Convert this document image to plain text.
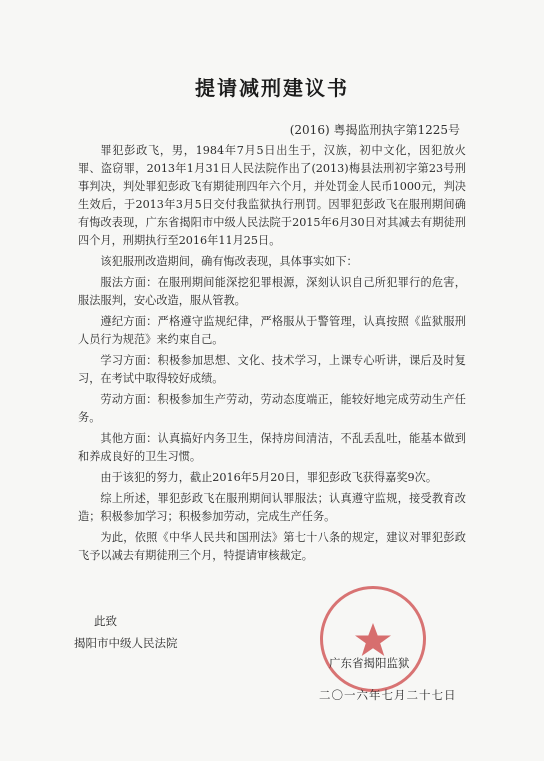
提请减刑建议书
(2016) 粤揭监刑执字第1225号

罪犯彭政飞，男，1984年7月5日出生于，汉族，初中文化，因犯放火罪、盗窃罪，2013年1月31日人民法院作出了(2013)梅县法刑初字第23号刑事判决，判处罪犯彭政飞有期徒刑四年六个月，并处罚金人民币1000元，判决生效后，于2013年3月5日交付我监狱执行刑罚。因罪犯彭政飞在服刑期间确有悔改表现，广东省揭阳市中级人民法院于2015年6月30日对其减去有期徒刑四个月，刑期执行至2016年11月25日。

该犯服刑改造期间，确有悔改表现，具体事实如下：

服法方面：在服刑期间能深挖犯罪根源，深刻认识自己所犯罪行的危害，服法服判，安心改造，服从管教。

遵纪方面：严格遵守监规纪律，严格服从于警管理，认真按照《监狱服刑人员行为规范》来约束自己。

学习方面：积极参加思想、文化、技术学习，上课专心听讲，课后及时复习，在考试中取得较好成绩。

劳动方面：积极参加生产劳动，劳动态度端正，能较好地完成劳动生产任务。

其他方面：认真搞好内务卫生，保持房间清洁，不乱丢乱吐，能基本做到和养成良好的卫生习惯。

由于该犯的努力，截止2016年5月20日，罪犯彭政飞获得嘉奖9次。

综上所述，罪犯彭政飞在服刑期间认罪服法；认真遵守监规，接受教育改造；积极参加学习；积极参加劳动，完成生产任务。

为此，依照《中华人民共和国刑法》第七十八条的规定，建议对罪犯彭政飞予以减去有期徒刑三个月，特提请审核裁定。

此致
揭阳市中级人民法院
广东省揭阳监狱
二〇一六年七月二十七日
